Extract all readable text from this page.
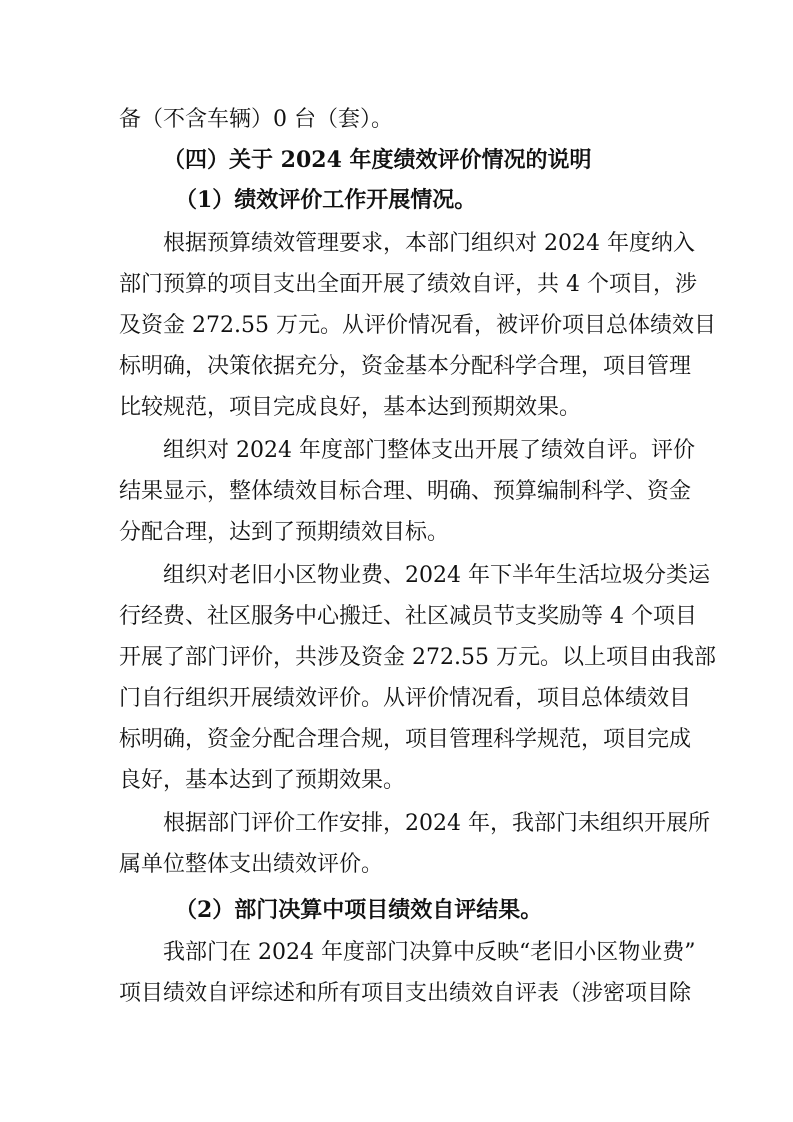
备（不含车辆）0 台（套）。
（四）关于 2024 年度绩效评价情况的说明
（1）绩效评价工作开展情况。
根据预算绩效管理要求，本部门组织对 2024 年度纳入
部门预算的项目支出全面开展了绩效自评，共 4 个项目，涉
及资金 272.55 万元。从评价情况看，被评价项目总体绩效目
标明确，决策依据充分，资金基本分配科学合理，项目管理
比较规范，项目完成良好，基本达到预期效果。
组织对 2024 年度部门整体支出开展了绩效自评。评价
结果显示，整体绩效目标合理、明确、预算编制科学、资金
分配合理，达到了预期绩效目标。
组织对老旧小区物业费、2024 年下半年生活垃圾分类运
行经费、社区服务中心搬迁、社区减员节支奖励等 4 个项目
开展了部门评价，共涉及资金 272.55 万元。以上项目由我部
门自行组织开展绩效评价。从评价情况看，项目总体绩效目
标明确，资金分配合理合规，项目管理科学规范，项目完成
良好，基本达到了预期效果。
根据部门评价工作安排，2024 年，我部门未组织开展所
属单位整体支出绩效评价。
（2）部门决算中项目绩效自评结果。
我部门在 2024 年度部门决算中反映“老旧小区物业费”
项目绩效自评综述和所有项目支出绩效自评表（涉密项目除
